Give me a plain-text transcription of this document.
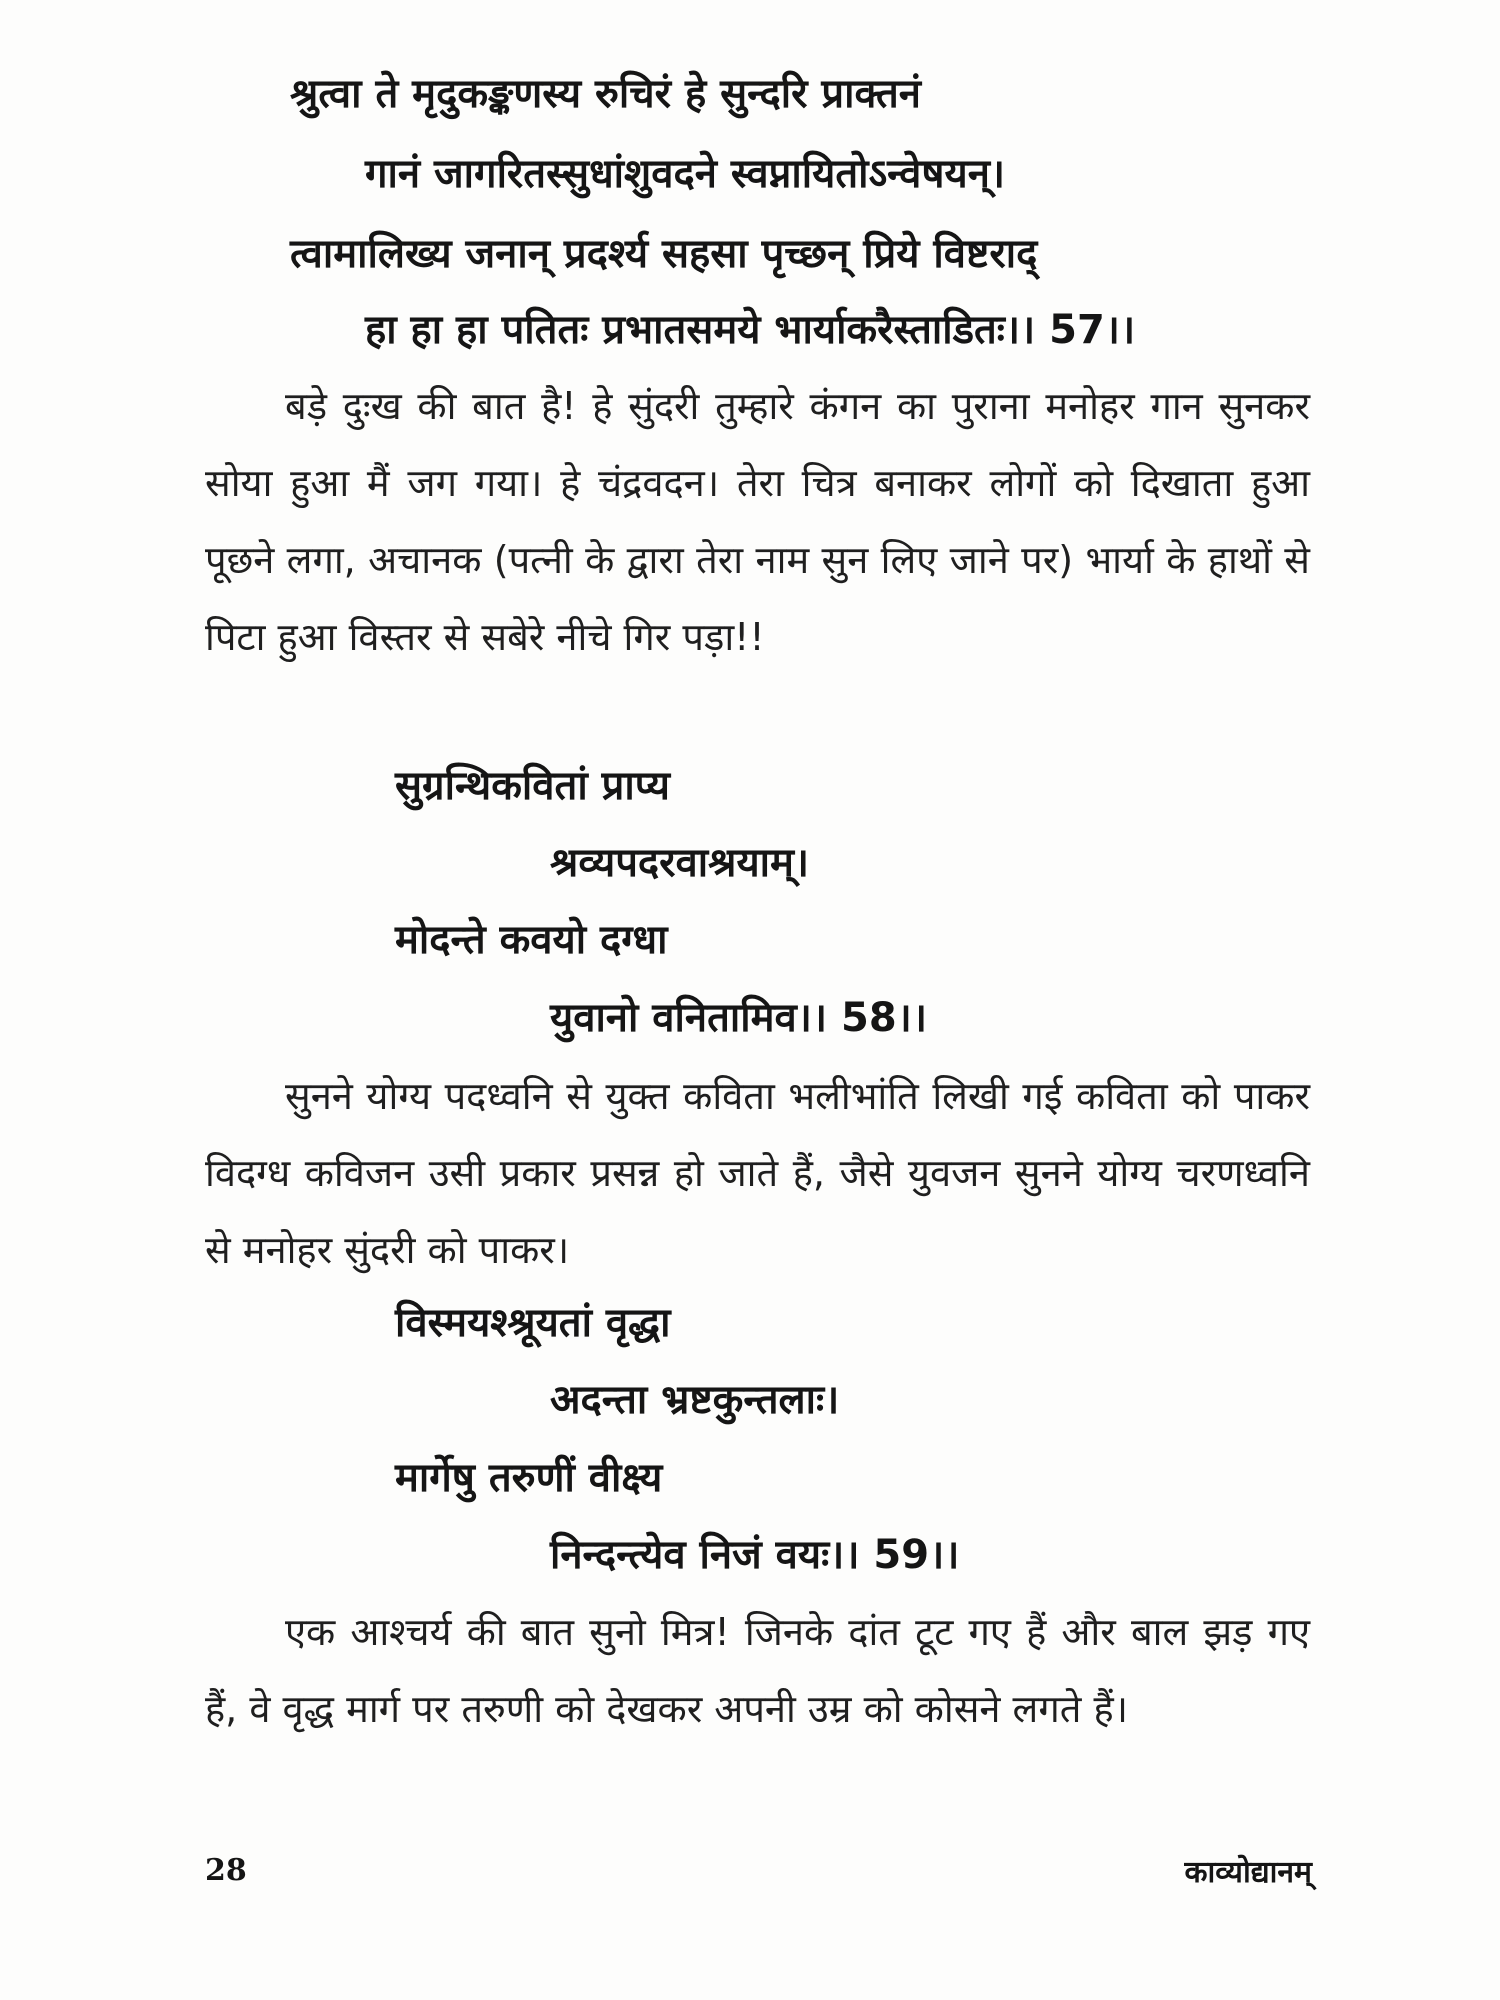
श्रुत्वा ते मृदुकङ्कणस्य रुचिरं हे सुन्दरि प्राक्तनं
गानं जागरितस्सुधांशुवदने स्वप्नायितोऽन्वेषयन्।
त्वामालिख्य जनान् प्रदर्श्य सहसा पृच्छन् प्रिये विष्टराद्
हा हा हा पतितः प्रभातसमये भार्याकरैस्ताडितः।। 57।।
बड़े दुःख की बात है! हे सुंदरी तुम्हारे कंगन का पुराना मनोहर गान सुनकर सोया हुआ मैं जग गया। हे चंद्रवदन। तेरा चित्र बनाकर लोगों को दिखाता हुआ पूछने लगा, अचानक (पत्नी के द्वारा तेरा नाम सुन लिए जाने पर) भार्या के हाथों से पिटा हुआ विस्तर से सबेरे नीचे गिर पड़ा!!
सुग्रन्थिकवितां प्राप्य
श्रव्यपदरवाश्रयाम्।
मोदन्ते कवयो दग्धा
युवानो वनितामिव।। 58।।
सुनने योग्य पदध्वनि से युक्त कविता भलीभांति लिखी गई कविता को पाकर विदग्ध कविजन उसी प्रकार प्रसन्न हो जाते हैं, जैसे युवजन सुनने योग्य चरणध्वनि से मनोहर सुंदरी को पाकर।
विस्मयश्श्रूयतां वृद्धा
अदन्ता भ्रष्टकुन्तलाः।
मार्गेषु तरुणीं वीक्ष्य
निन्दन्त्येव निजं वयः।। 59।।
एक आश्चर्य की बात सुनो मित्र! जिनके दांत टूट गए हैं और बाल झड़ गए हैं, वे वृद्ध मार्ग पर तरुणी को देखकर अपनी उम्र को कोसने लगते हैं।
28	काव्योद्यानम्
